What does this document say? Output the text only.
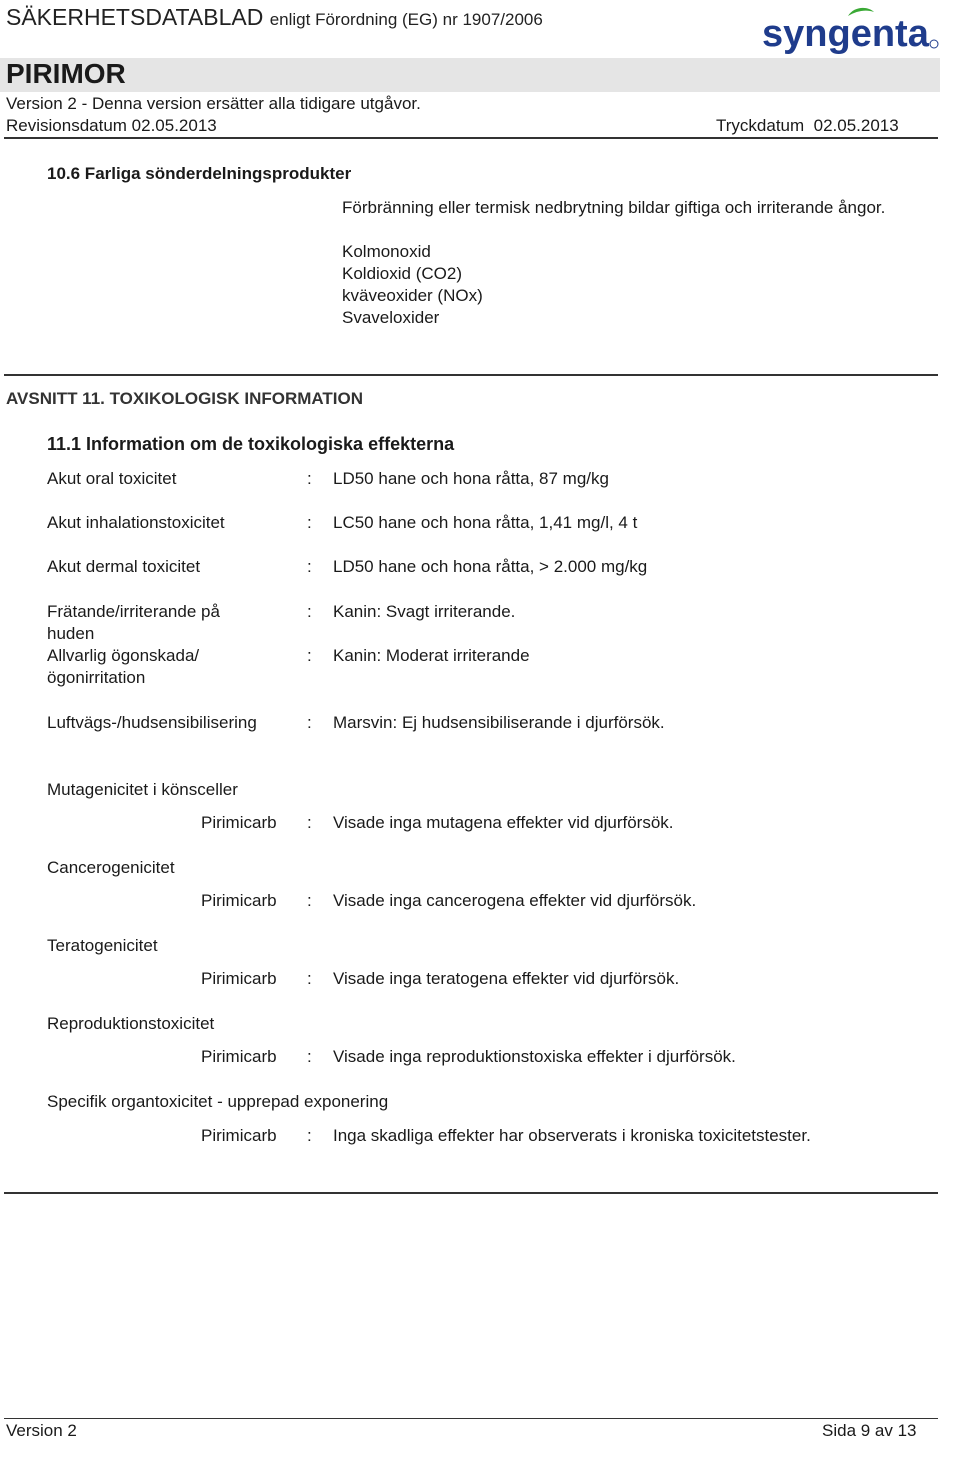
SÄKERHETSDATABLAD enligt Förordning (EG) nr 1907/2006	syngenta
PIRIMOR
Version 2 - Denna version ersätter alla tidigare utgåvor.
Revisionsdatum 02.05.2013	Tryckdatum 02.05.2013
10.6 Farliga sönderdelningsprodukter
Förbränning eller termisk nedbrytning bildar giftiga och irriterande ångor.
Kolmonoxid
Koldioxid (CO2)
kväveoxider (NOx)
Svaveloxider
AVSNITT 11. TOXIKOLOGISK INFORMATION
11.1 Information om de toxikologiska effekterna
Akut oral toxicitet	: LD50 hane och hona råtta, 87 mg/kg
Akut inhalationstoxicitet	: LC50 hane och hona råtta, 1,41 mg/l, 4 t
Akut dermal toxicitet	: LD50 hane och hona råtta, > 2.000 mg/kg
Frätande/irriterande på
huden
: Kanin: Svagt irriterande.
Allvarlig ögonskada/
ögonirritation
: Kanin: Moderat irriterande
Luftvägs-/hudsensibilisering	: Marsvin: Ej hudsensibiliserande i djurförsök.
Mutagenicitet i könsceller
Pirimicarb : Visade inga mutagena effekter vid djurförsök.
Cancerogenicitet
Pirimicarb : Visade inga cancerogena effekter vid djurförsök.
Teratogenicitet
Pirimicarb : Visade inga teratogena effekter vid djurförsök.
Reproduktionstoxicitet
Pirimicarb : Visade inga reproduktionstoxiska effekter i djurförsök.
Specifik organtoxicitet - upprepad exponering
Pirimicarb : Inga skadliga effekter har observerats i kroniska toxicitetstester.
Version 2	Sida 9 av 13
